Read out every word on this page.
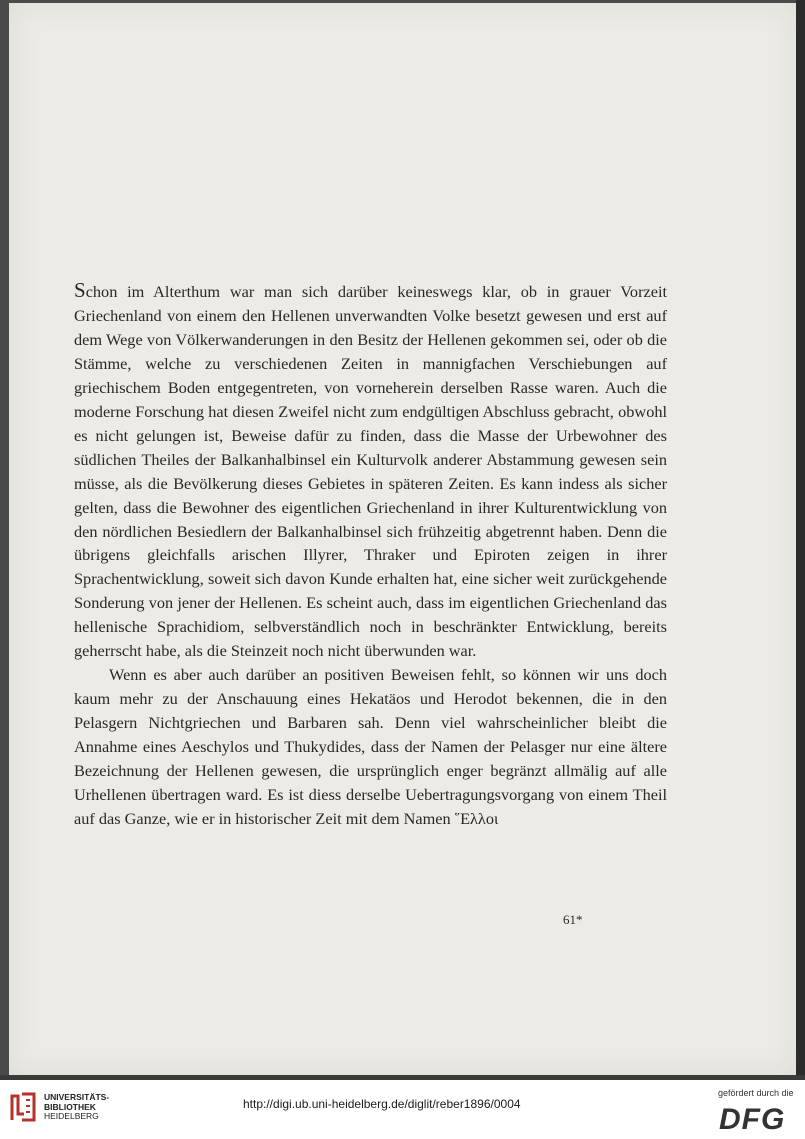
Schon im Alterthum war man sich darüber keineswegs klar, ob in grauer Vorzeit Griechenland von einem den Hellenen unverwandten Volke besetzt gewesen und erst auf dem Wege von Völkerwanderungen in den Besitz der Hellenen gekommen sei, oder ob die Stämme, welche zu verschiedenen Zeiten in mannigfachen Verschiebungen auf griechischem Boden entgegentreten, von vorneherein derselben Rasse waren. Auch die moderne Forschung hat diesen Zweifel nicht zum endgültigen Abschluss gebracht, obwohl es nicht gelungen ist, Beweise dafür zu finden, dass die Masse der Urbewohner des südlichen Theiles der Balkanhalbinsel ein Kulturvolk anderer Abstammung gewesen sein müsse, als die Bevölkerung dieses Gebietes in späteren Zeiten. Es kann indess als sicher gelten, dass die Bewohner des eigentlichen Griechenland in ihrer Kulturentwicklung von den nördlichen Besiedlern der Balkanhalbinsel sich frühzeitig abgetrennt haben. Denn die übrigens gleichfalls arischen Illyrer, Thraker und Epiroten zeigen in ihrer Sprachentwicklung, soweit sich davon Kunde erhalten hat, eine sicher weit zurückgehende Sonderung von jener der Hellenen. Es scheint auch, dass im eigentlichen Griechenland das hellenische Sprachidiom, selbverständlich noch in beschränkter Entwicklung, bereits geherrscht habe, als die Steinzeit noch nicht überwunden war.

Wenn es aber auch darüber an positiven Beweisen fehlt, so können wir uns doch kaum mehr zu der Anschauung eines Hekatäos und Herodot bekennen, die in den Pelasgern Nichtgriechen und Barbaren sah. Denn viel wahrscheinlicher bleibt die Annahme eines Aeschylos und Thukydides, dass der Namen der Pelasger nur eine ältere Bezeichnung der Hellenen gewesen, die ursprünglich enger begränzt allmälig auf alle Urhellenen übertragen ward. Es ist diess derselbe Uebertragungsvorgang von einem Theil auf das Ganze, wie er in historischer Zeit mit dem Namen ῞Ελλοι

61*
UNIVERSITÄTS-
BIBLIOTHEK
HEIDELBERG
http://digi.ub.uni-heidelberg.de/diglit/reber1896/0004
gefördert durch die
DFG
